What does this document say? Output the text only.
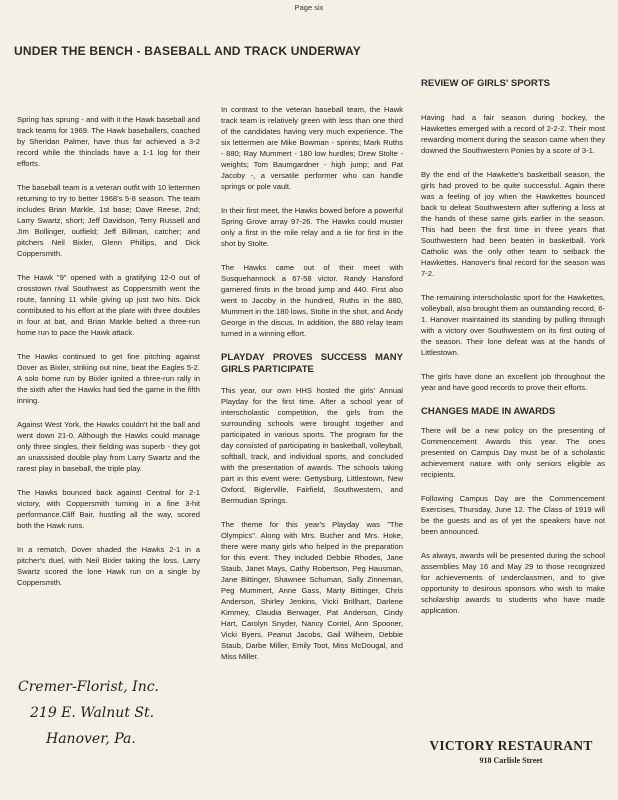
Page six
UNDER THE BENCH - BASEBALL AND TRACK UNDERWAY
REVIEW OF GIRLS' SPORTS

Spring has sprung - and with it the Hawk baseball and track teams for 1969. The Hawk baseballers, coached by Sheridan Palmer, have thus far achieved a 3-2 record while the thinclads have a 1-1 log for their efforts.

The baseball team is a veteran outfit with 10 lettermen returning to try to better 1968's 5-8 season. The team includes Brian Markle, 1st base; Dave Reese, 2nd; Larry Swartz, short; Jeff Davidson, Terry Russell and Jim Bollinger, outfield; Jeff Billman, catcher; and pitchers Neil Bixler, Glenn Phillips, and Dick Coppersmith.

The Hawk "9" opened with a gratifying 12-0 out of crosstown rival Southwest as Coppersmith went the route, fanning 11 while giving up just two hits. Dick contributed to his effort at the plate with three doubles in four at bat, and Brian Markle belted a three-run home run to pace the Hawk attack.

The Hawks continued to get fine pitching against Dover as Bixler, striking out nine, beat the Eagles 5-2. A solo home run by Bixler ignited a three-run rally in the sixth after the Hawks had tied the game in the fifth inning.

Against West York, the Hawks couldn't hit the ball and went down 21-0. Although the Hawks could manage only three singles, their fielding was superb - they got an unassisted double play from Larry Swartz and the rarest play in baseball, the triple play.

The Hawks bounced back against Central for 2-1 victory, with Coppersmith turning in a fine 3-hit performance.Cliff Bair, hustling all the way, scored both the Hawk runs.

In a rematch, Dover shaded the Hawks 2-1 in a pitcher's duel, with Neil Bixler taking the loss. Larry Swartz scored the lone Hawk run on a single by Coppersmith.

In contrast to the veteran baseball team, the Hawk track team is relatively green with less than one third of the candidates having very much experience. The six lettermen are Mike Bowman - sprints; Mark Ruths - 880; Ray Mummert - 180 low hurdles; Drew Stolte - weights; Tom Baumgardner - high jump; and Pat Jacoby -, a versatile performer who can handle springs or pole vault.

In their first meet, the Hawks bowed before a powerful Spring Grove array 97-26. The Hawks could muster only a first in the mile relay and a tie for first in the shot by Stolte.

The Hawks came out of their meet with Susquehannock a 67-58 victor. Randy Hansford garnered firsts in the broad jump and 440. First also went to Jacoby in the hundred, Ruths in the 880, Mummert in the 180 lows, Stolte in the shot, and Andy George in the discus. In addition, the 880 relay team turned in a winning effort.

PLAYDAY PROVES SUCCESS MANY GIRLS PARTICIPATE

This year, our own HHS hosted the girls' Annual Playday for the first time. After a school year of interscholastic competition, the girls from the surrounding schools were brought together and participated in various sports. The program for the day consisted of participating in basketball, volleyball, softball, track, and individual sports, and concluded with the presentation of awards. The schools taking part in this event were: Gettysburg, Littlestown, New Oxford, Biglerville, Fairfield, Southwestern, and Bermudian Springs.

The theme for this year's Playday was "The Olympics". Along with Mrs. Bucher and Mrs. Hoke, there were many girls who helped in the preparation for this event. They included Debbie Rhodes, Jane Staub, Janet Mays, Cathy Robertson, Peg Hausman, Jane Bittinger, Shawnee Schuman, Sally Zinneman, Peg Mummert, Anne Gass, Marty Bittinger, Chris Anderson, Shirley Jenkins, Vicki Brillhart, Darlene Kimmey, Claudia Berwager, Pat Anderson, Cindy Hart, Carolyn Snyder, Nancy Contel, Ann Spooner, Vicki Byers, Peanut Jacobs, Gail Wilheim, Debbie Staub, Darbe Miller, Emily Toot, Miss McDougal, and Miss Miller.

Having had a fair season during hockey, the Hawkettes emerged with a record of 2-2-2. Their most rewarding moment during the season came when they downed the Southwestern Ponies by a score of 3-1.

By the end of the Hawkette's basketball season, the girls had proved to be quite successful. Again there was a feeling of joy when the Hawkettes bounced back to defeat Southwestern after suffering a loss at the hands of these same girls earlier in the season. This had been the first time in three years that Southwestern had been beaten in basketball. York Catholic was the only other team to setback the Hawkettes. Hanover's final record for the season was 7-2.

The remaining interscholastic sport for the Hawkettes, volleyball, also brought them an outstanding record, 6-1. Hanover maintained its standing by pulling through with a victory over Southwestern on its first outing of the season. Their lone defeat was at the hands of Littlestown.

The girls have done an excellent job throughout the year and have good records to prove their efforts.

CHANGES MADE IN AWARDS

There will be a new policy on the presenting of Commencement Awards this year. The ones presented on Campus Day must be of a scholastic achievement nature with only seniors eligible as recipients.

Following Campus Day are the Commencement Exercises, Thursday, June 12. The Class of 1919 will be the guests and as of yet the speakers have not been announced.

As always, awards will be presented during the school assemblies May 16 and May 29 to those recognized for achievements of underclassmen, and to give opportunity to desirous sponsors who wish to make scholarship awards to students who have made application.

Cremer-Florist, Inc.
219 E. Walnut St.
Hanover, Pa.	VICTORY RESTAURANT
918 Carlisle Street
